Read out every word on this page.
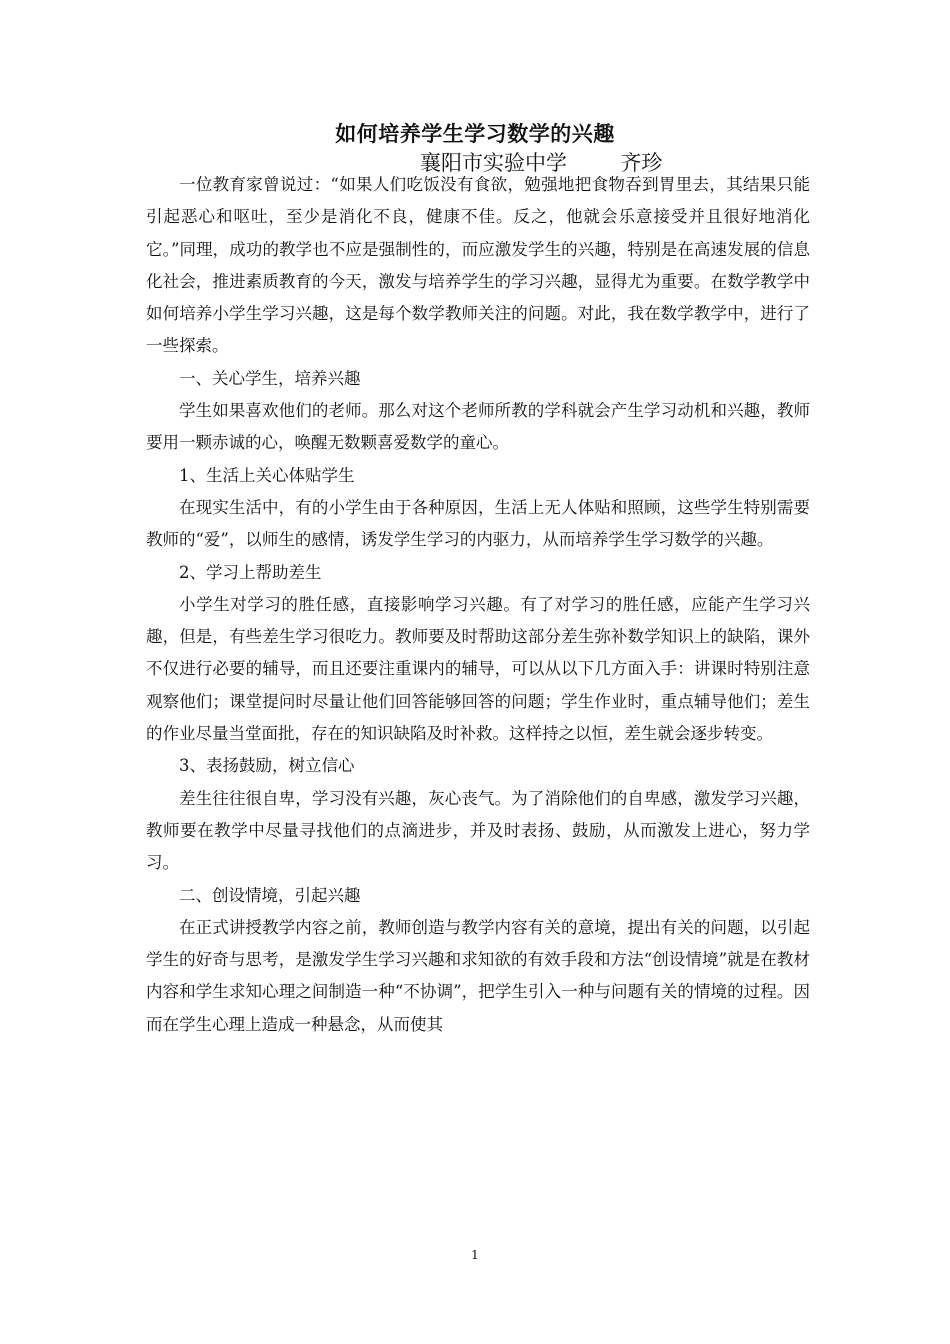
如何培养学生学习数学的兴趣
襄阳市实验中学        齐珍

一位教育家曾说过：“如果人们吃饭没有食欲，勉强地把食物吞到胃里去，其结果只能引起恶心和呕吐，至少是消化不良，健康不佳。反之，他就会乐意接受并且很好地消化它。”同理，成功的教学也不应是强制性的，而应激发学生的兴趣，特别是在高速发展的信息化社会，推进素质教育的今天，激发与培养学生的学习兴趣，显得尤为重要。在数学教学中如何培养小学生学习兴趣，这是每个数学教师关注的问题。对此，我在数学教学中，进行了一些探索。

一、关心学生，培养兴趣

学生如果喜欢他们的老师。那么对这个老师所教的学科就会产生学习动机和兴趣，教师要用一颗赤诚的心，唤醒无数颗喜爱数学的童心。

1、生活上关心体贴学生

在现实生活中，有的小学生由于各种原因，生活上无人体贴和照顾，这些学生特别需要教师的“爱”，以师生的感情，诱发学生学习的内驱力，从而培养学生学习数学的兴趣。

2、学习上帮助差生

小学生对学习的胜任感，直接影响学习兴趣。有了对学习的胜任感，应能产生学习兴趣，但是，有些差生学习很吃力。教师要及时帮助这部分差生弥补数学知识上的缺陷，课外不仅进行必要的辅导，而且还要注重课内的辅导，可以从以下几方面入手：讲课时特别注意观察他们；课堂提问时尽量让他们回答能够回答的问题；学生作业时，重点辅导他们；差生的作业尽量当堂面批，存在的知识缺陷及时补救。这样持之以恒，差生就会逐步转变。

3、表扬鼓励，树立信心

差生往往很自卑，学习没有兴趣，灰心丧气。为了消除他们的自卑感，激发学习兴趣，教师要在教学中尽量寻找他们的点滴进步，并及时表扬、鼓励，从而激发上进心，努力学习。

二、创设情境，引起兴趣

在正式讲授教学内容之前，教师创造与教学内容有关的意境，提出有关的问题，以引起学生的好奇与思考，是激发学生学习兴趣和求知欲的有效手段和方法“创设情境”就是在教材内容和学生求知心理之间制造一种“不协调”，把学生引入一种与问题有关的情境的过程。因而在学生心理上造成一种悬念，从而使其

1
